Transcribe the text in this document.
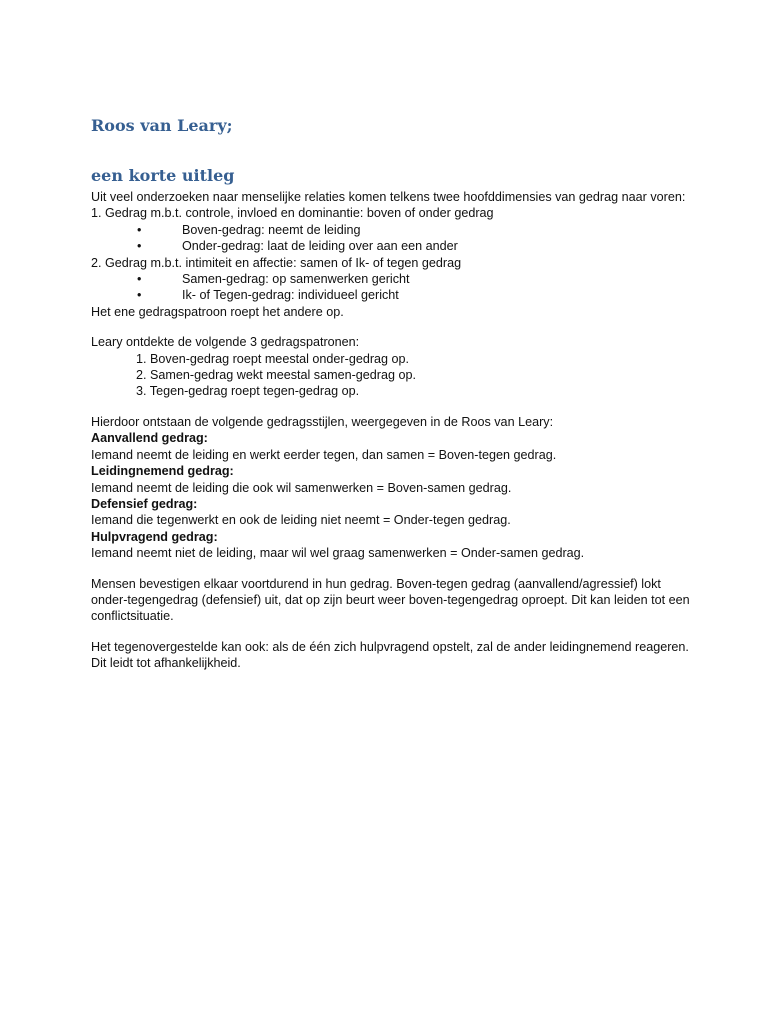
Roos van Leary;
een korte uitleg

Uit veel onderzoeken naar menselijke relaties komen telkens twee hoofddimensies van gedrag naar voren:

1. Gedrag m.b.t. controle, invloed en dominantie: boven of onder gedrag

•	Boven-gedrag: neemt de leiding

•	Onder-gedrag: laat de leiding over aan een ander

2. Gedrag m.b.t. intimiteit en affectie: samen of Ik- of tegen gedrag

•	Samen-gedrag: op samenwerken gericht

•	Ik- of Tegen-gedrag: individueel gericht

Het ene gedragspatroon roept het andere op.

Leary ontdekte de volgende 3 gedragspatronen:

1. Boven-gedrag roept meestal onder-gedrag op.

2. Samen-gedrag wekt meestal samen-gedrag op.

3. Tegen-gedrag roept tegen-gedrag op.

Hierdoor ontstaan de volgende gedragsstijlen, weergegeven in de Roos van Leary:

Aanvallend gedrag:

Iemand neemt de leiding en werkt eerder tegen, dan samen = Boven-tegen gedrag.

Leidingnemend gedrag:

Iemand neemt de leiding die ook wil samenwerken = Boven-samen gedrag.

Defensief gedrag:

Iemand die tegenwerkt en ook de leiding niet neemt = Onder-tegen gedrag.

Hulpvragend gedrag:

Iemand neemt niet de leiding, maar wil wel graag samenwerken = Onder-samen gedrag.

Mensen bevestigen elkaar voortdurend in hun gedrag. Boven-tegen gedrag (aanvallend/agressief) lokt onder-tegengedrag (defensief) uit, dat op zijn beurt weer boven-tegengedrag oproept. Dit kan leiden tot een conflictsituatie.

Het tegenovergestelde kan ook: als de één zich hulpvragend opstelt, zal de ander leidingnemend reageren. Dit leidt tot afhankelijkheid.
